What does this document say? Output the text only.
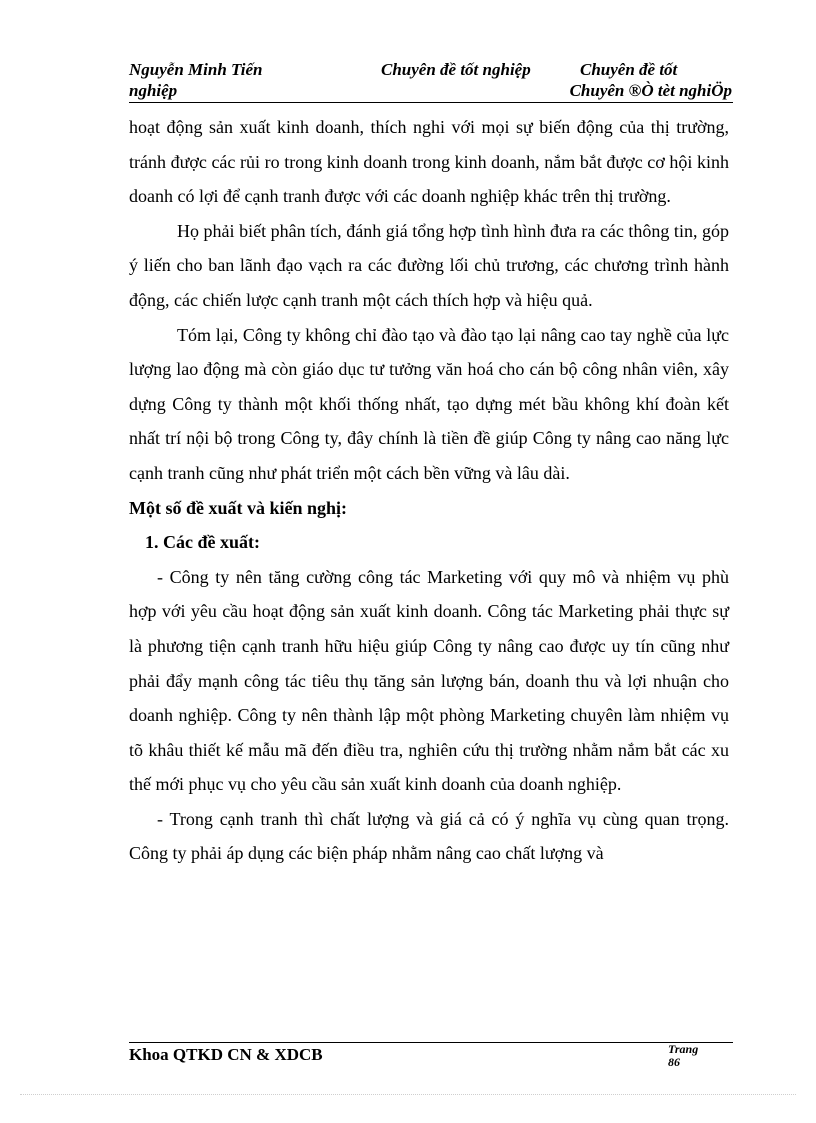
Nguyễn Minh Tiến	Chuyên đề tốt nghiệp	Chuyên đề tốt
nghiệp	Chuyên ®Ò tèt nghiÖp

hoạt động sản xuất kinh doanh, thích nghi với mọi sự biến động của thị trường, tránh được các rủi ro trong kinh doanh trong kinh doanh, nắm bắt được cơ hội kinh doanh có lợi để cạnh tranh được với các doanh nghiệp khác trên thị trường.

Họ phải biết phân tích, đánh giá tổng hợp tình hình đưa ra các thông tin, góp ý liến cho ban lãnh đạo vạch ra các đường lối chủ trương, các chương trình hành động, các chiến lược cạnh tranh một cách thích hợp và hiệu quả.

Tóm lại, Công ty không chỉ đào tạo và đào tạo lại nâng cao tay nghề của lực lượng lao động mà còn giáo dục tư tưởng văn hoá cho cán bộ công nhân viên, xây dựng Công ty thành một khối thống nhất, tạo dựng mét bầu không khí đoàn kết nhất trí nội bộ trong Công ty, đây chính là tiền đề giúp Công ty nâng cao năng lực cạnh tranh cũng như phát triển một cách bền vững và lâu dài.

Một số đề xuất và kiến nghị:

1. Các đề xuất:

- Công ty nên tăng cường công tác Marketing với quy mô và nhiệm vụ phù hợp với yêu cầu hoạt động sản xuất kinh doanh. Công tác Marketing phải thực sự là phương tiện cạnh tranh hữu hiệu giúp Công ty nâng cao được uy tín cũng như phải đẩy mạnh công tác tiêu thụ tăng sản lượng bán, doanh thu và lợi nhuận cho doanh nghiệp. Công ty nên thành lập một phòng Marketing chuyên làm nhiệm vụ tõ khâu thiết kế mẫu mã đến điều tra, nghiên cứu thị trường nhằm nắm bắt các xu thế mới phục vụ cho yêu cầu sản xuất kinh doanh của doanh nghiệp.

- Trong cạnh tranh thì chất lượng và giá cả có ý nghĩa vụ cùng quan trọng. Công ty phải áp dụng các biện pháp nhằm nâng cao chất lượng và

Khoa QTKD CN & XDCB	Trang
86
